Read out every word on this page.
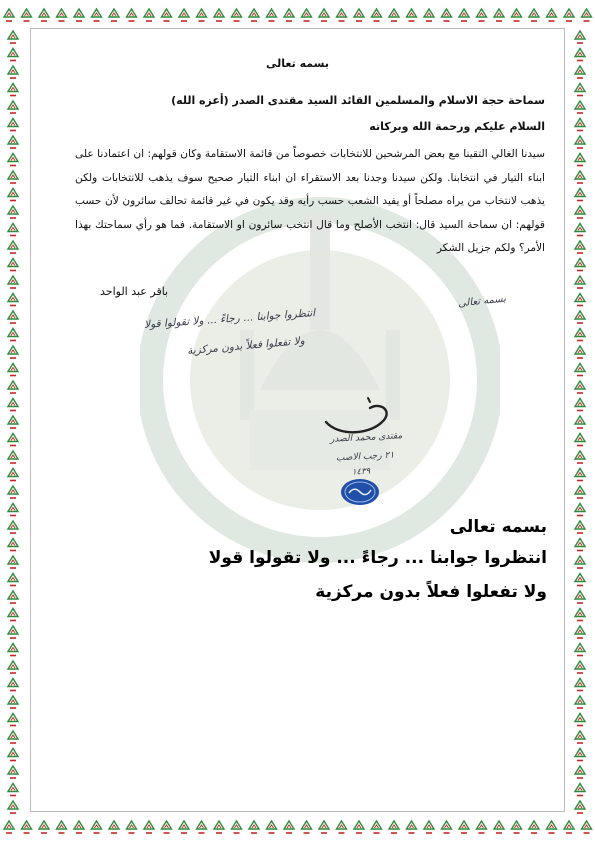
بسمه تعالى
سماحة حجة الاسلام والمسلمين القائد السيد مقتدى الصدر (أعزه الله)
السلام عليكم ورحمة الله وبركاته
سيدنا الغالي التقينا مع بعض المرشحين للانتخابات خصوصاً من قائمة الاستقامة وكان قولهم: ان اعتمادنا على ابناء التيار في انتخابنا. ولكن سيدنا وجدنا بعد الاستقراء ان ابناء التيار صحيح سوف يذهب للانتخابات ولكن يذهب لانتخاب من يراه مصلحاً أو يفيد الشعب حسب رأيه وقد يكون في غير قائمة تحالف سائرون لأن حسب قولهم: ان سماحة السيد قال: انتخب الأصلح وما قال انتخب سائرون او الاستقامة. فما هو رأي سماحتك بهذا الأمر؟ ولكم جزيل الشكر
باقر عبد الواحد
بسمه تعالى
انتظروا جوابنا ... رجاءً ... ولا تقولوا قولا
ولا تفعلوا فعلاً بدون مركزية
مقتدى محمد الصدر
٢١ رجب الاصب
١٤٣٩
بسمه تعالى
انتظروا جوابنا ... رجاءً ... ولا تقولوا قولا
ولا تفعلوا فعلاً بدون مركزية
